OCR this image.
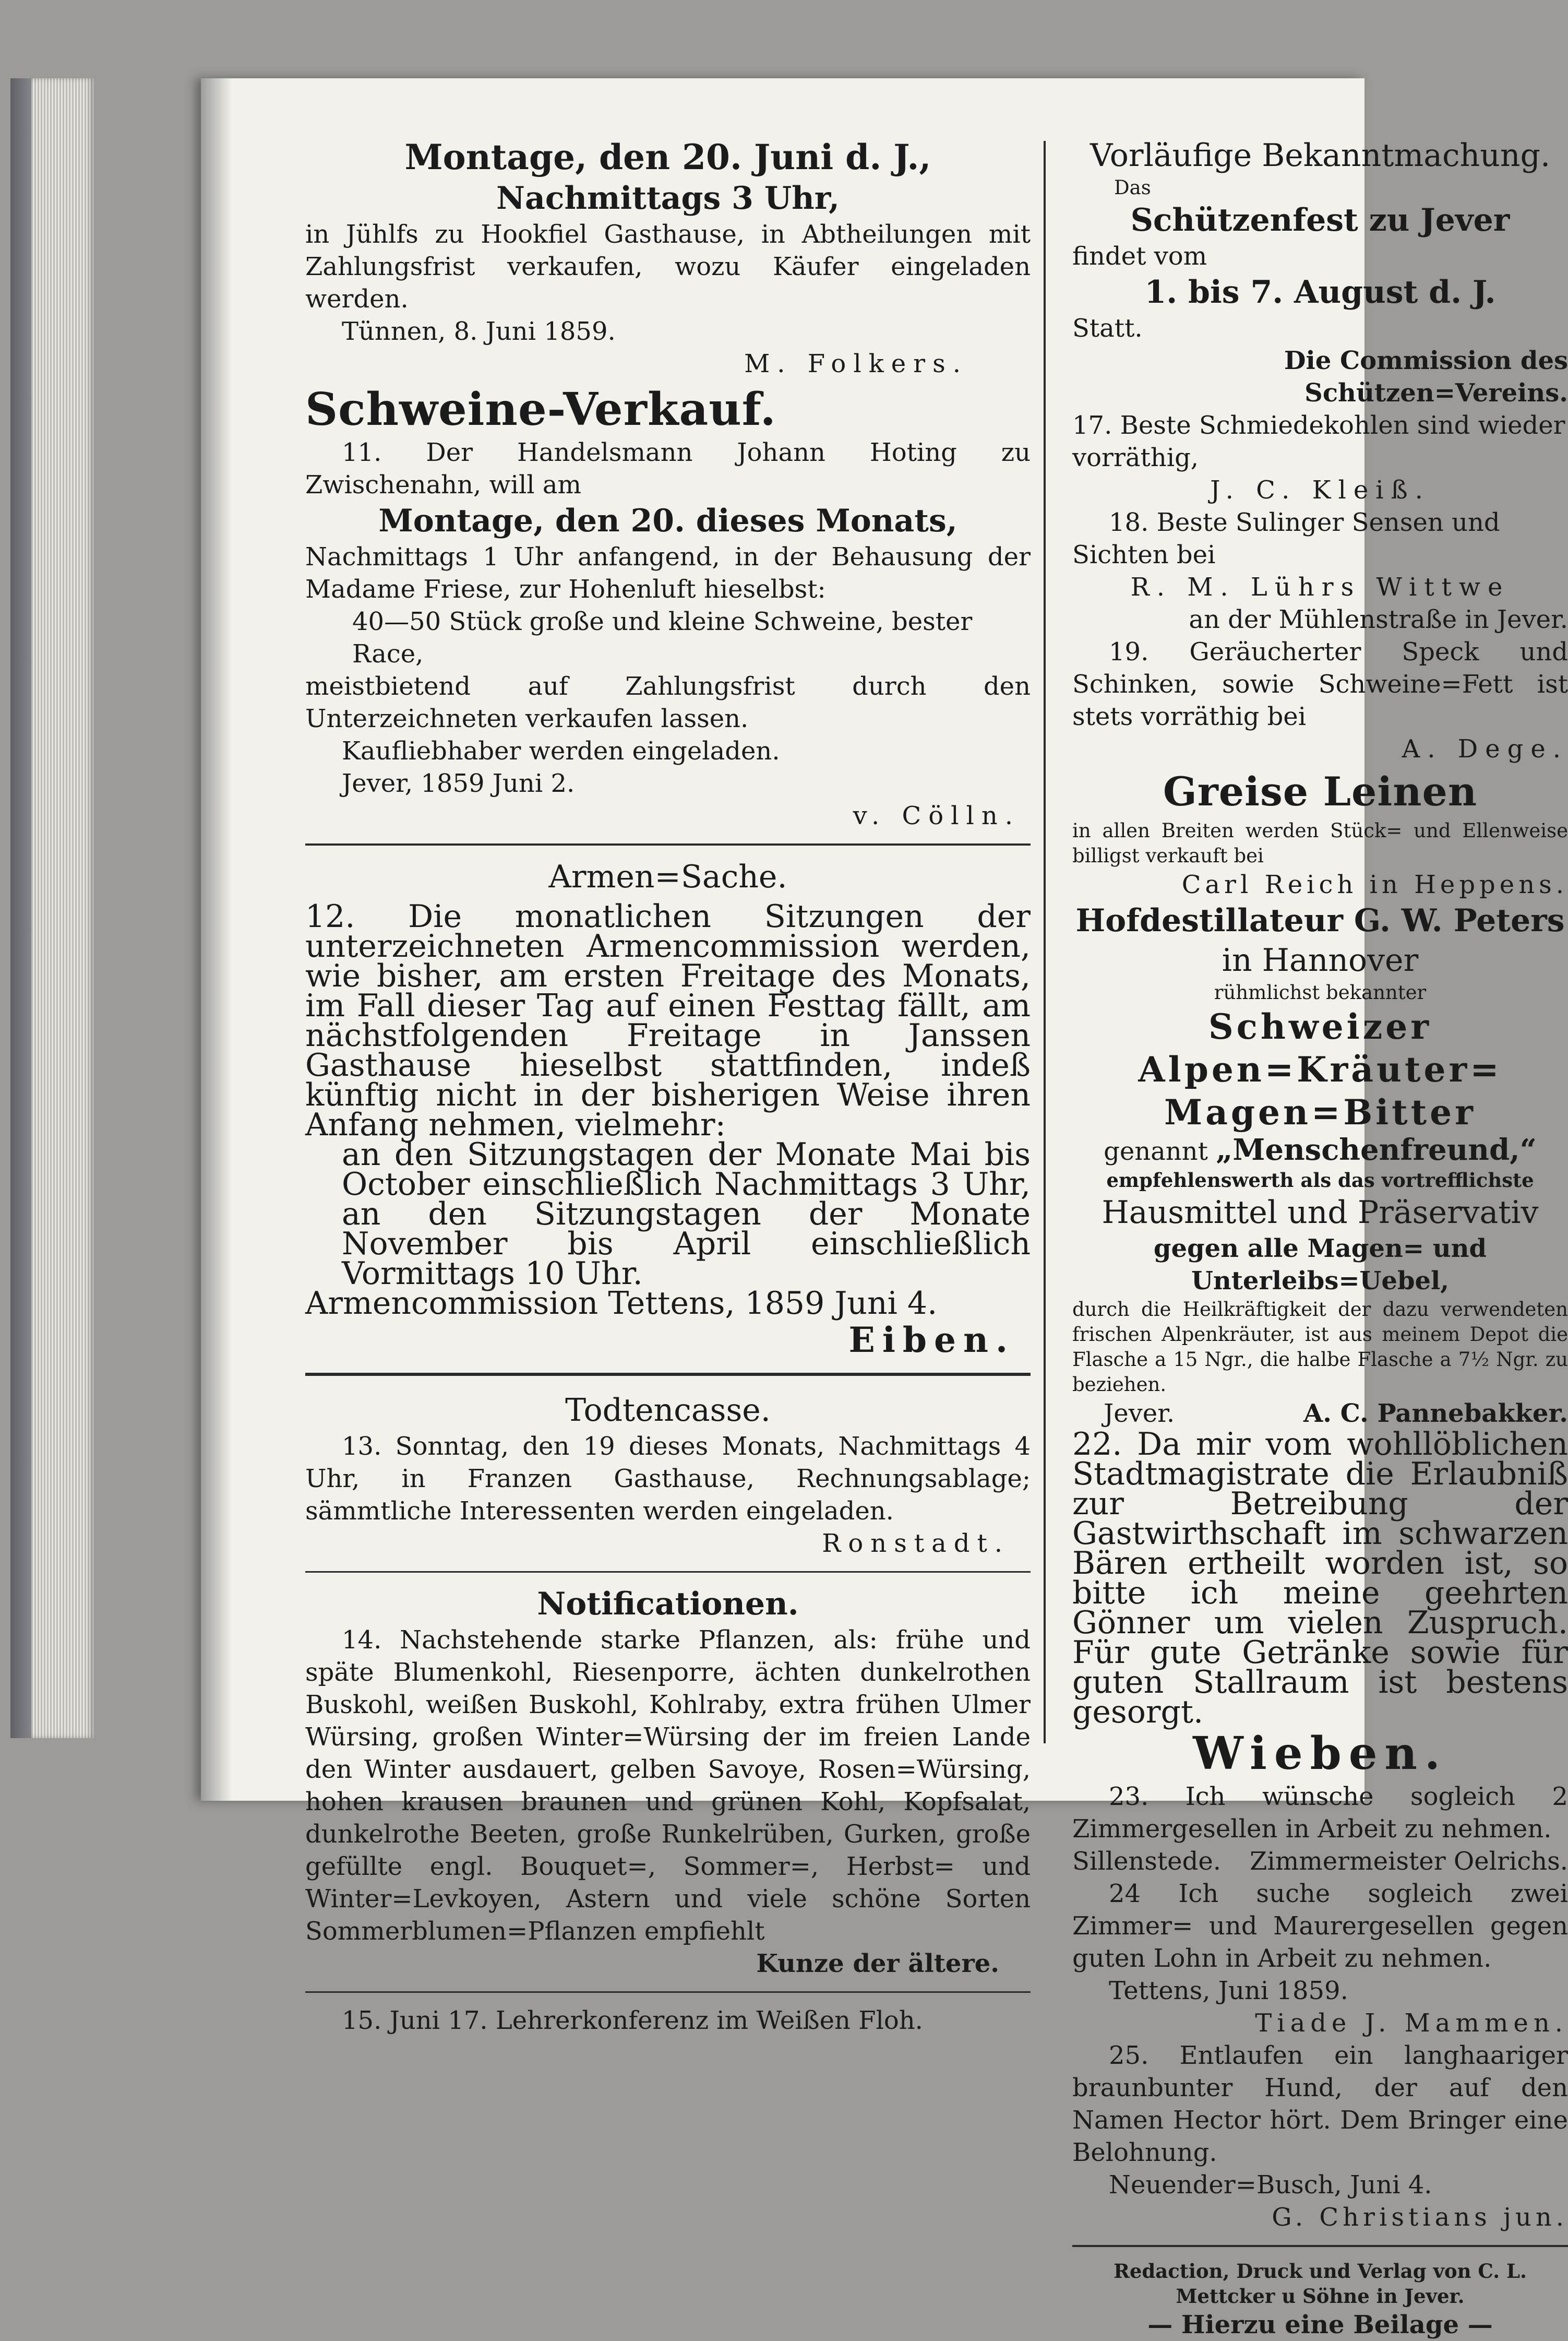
Montage, den 20. Juni d. J.,

Nachmittags 3 Uhr,

in Jühlfs zu Hookfiel Gasthause, in Abtheilungen mit Zahlungsfrist verkaufen, wozu Käufer eingeladen werden.

Tünnen, 8. Juni 1859.

M. Folkers.

Schweine-Verkauf.

11. Der Handelsmann Johann Hoting zu Zwischenahn, will am

Montage, den 20. dieses Monats,

Nachmittags 1 Uhr anfangend, in der Behausung der Madame Friese, zur Hohenluft hieselbst:

40—50 Stück große und kleine Schweine, bester Race,

meistbietend auf Zahlungsfrist durch den Unterzeichneten verkaufen lassen.

Kaufliebhaber werden eingeladen.

Jever, 1859 Juni 2.

v. Cölln.

Armen=Sache.

12. Die monatlichen Sitzungen der unterzeichneten Armencommission werden, wie bisher, am ersten Freitage des Monats, im Fall dieser Tag auf einen Festtag fällt, am nächstfolgenden Freitage in Janssen Gasthause hieselbst stattfinden, indeß künftig nicht in der bisherigen Weise ihren Anfang nehmen, vielmehr:

an den Sitzungstagen der Monate Mai bis October einschließlich Nachmittags 3 Uhr, an den Sitzungstagen der Monate November bis April einschließlich Vormittags 10 Uhr.

Armencommission Tettens, 1859 Juni 4.

Eiben.

Todtencasse.

13. Sonntag, den 19 dieses Monats, Nachmittags 4 Uhr, in Franzen Gasthause, Rechnungsablage; sämmtliche Interessenten werden eingeladen.

Ronstadt.

Notificationen.

14. Nachstehende starke Pflanzen, als: frühe und späte Blumenkohl, Riesenporre, ächten dunkelrothen Buskohl, weißen Buskohl, Kohlraby, extra frühen Ulmer Würsing, großen Winter=Würsing der im freien Lande den Winter ausdauert, gelben Savoye, Rosen=Würsing, hohen krausen braunen und grünen Kohl, Kopfsalat, dunkelrothe Beeten, große Runkelrüben, Gurken, große gefüllte engl. Bouquet=, Sommer=, Herbst= und Winter=Levkoyen, Astern und viele schöne Sorten Sommerblumen=Pflanzen empfiehlt

Kunze der ältere.

15. Juni 17. Lehrerkonferenz im Weißen Floh.

Vorläufige Bekanntmachung.

Das

Schützenfest zu Jever

findet vom

1. bis 7. August d. J.

Statt.

Die Commission des Schützen=Vereins.

17. Beste Schmiedekohlen sind wieder vorräthig,

J. C. Kleiß.

18. Beste Sulinger Sensen und Sichten bei

R. M. Lührs Wittwe

an der Mühlenstraße in Jever.

19. Geräucherter Speck und Schinken, sowie Schweine=Fett ist stets vorräthig bei

A. Dege.

Greise Leinen

in allen Breiten werden Stück= und Ellenweise billigst verkauft bei

Carl Reich in Heppens.

Hofdestillateur G. W. Peters

in Hannover

rühmlichst bekannter

Schweizer Alpen=Kräuter=

Magen=Bitter

genannt „Menschenfreund,“

empfehlenswerth als das vortrefflichste

Hausmittel und Präservativ

gegen alle Magen= und Unterleibs=Uebel,

durch die Heilkräftigkeit der dazu verwendeten frischen Alpenkräuter, ist aus meinem Depot die Flasche a 15 Ngr., die halbe Flasche a 7½ Ngr. zu beziehen.

Jever.	A. C. Pannebakker.

22. Da mir vom wohllöblichen Stadtmagistrate die Erlaubniß zur Betreibung der Gastwirthschaft im schwarzen Bären ertheilt worden ist, so bitte ich meine geehrten Gönner um vielen Zuspruch. Für gute Getränke sowie für guten Stallraum ist bestens gesorgt.

Wieben.

23. Ich wünsche sogleich 2 Zimmergesellen in Arbeit zu nehmen.

Sillenstede. Zimmermeister Oelrichs.

24 Ich suche sogleich zwei Zimmer= und Maurergesellen gegen guten Lohn in Arbeit zu nehmen.

Tettens, Juni 1859.

Tiade J. Mammen.

25. Entlaufen ein langhaariger braunbunter Hund, der auf den Namen Hector hört. Dem Bringer eine Belohnung.

Neuender=Busch, Juni 4.

G. Christians jun.

Redaction, Druck und Verlag von C. L. Mettcker u Söhne in Jever.

— Hierzu eine Beilage —
